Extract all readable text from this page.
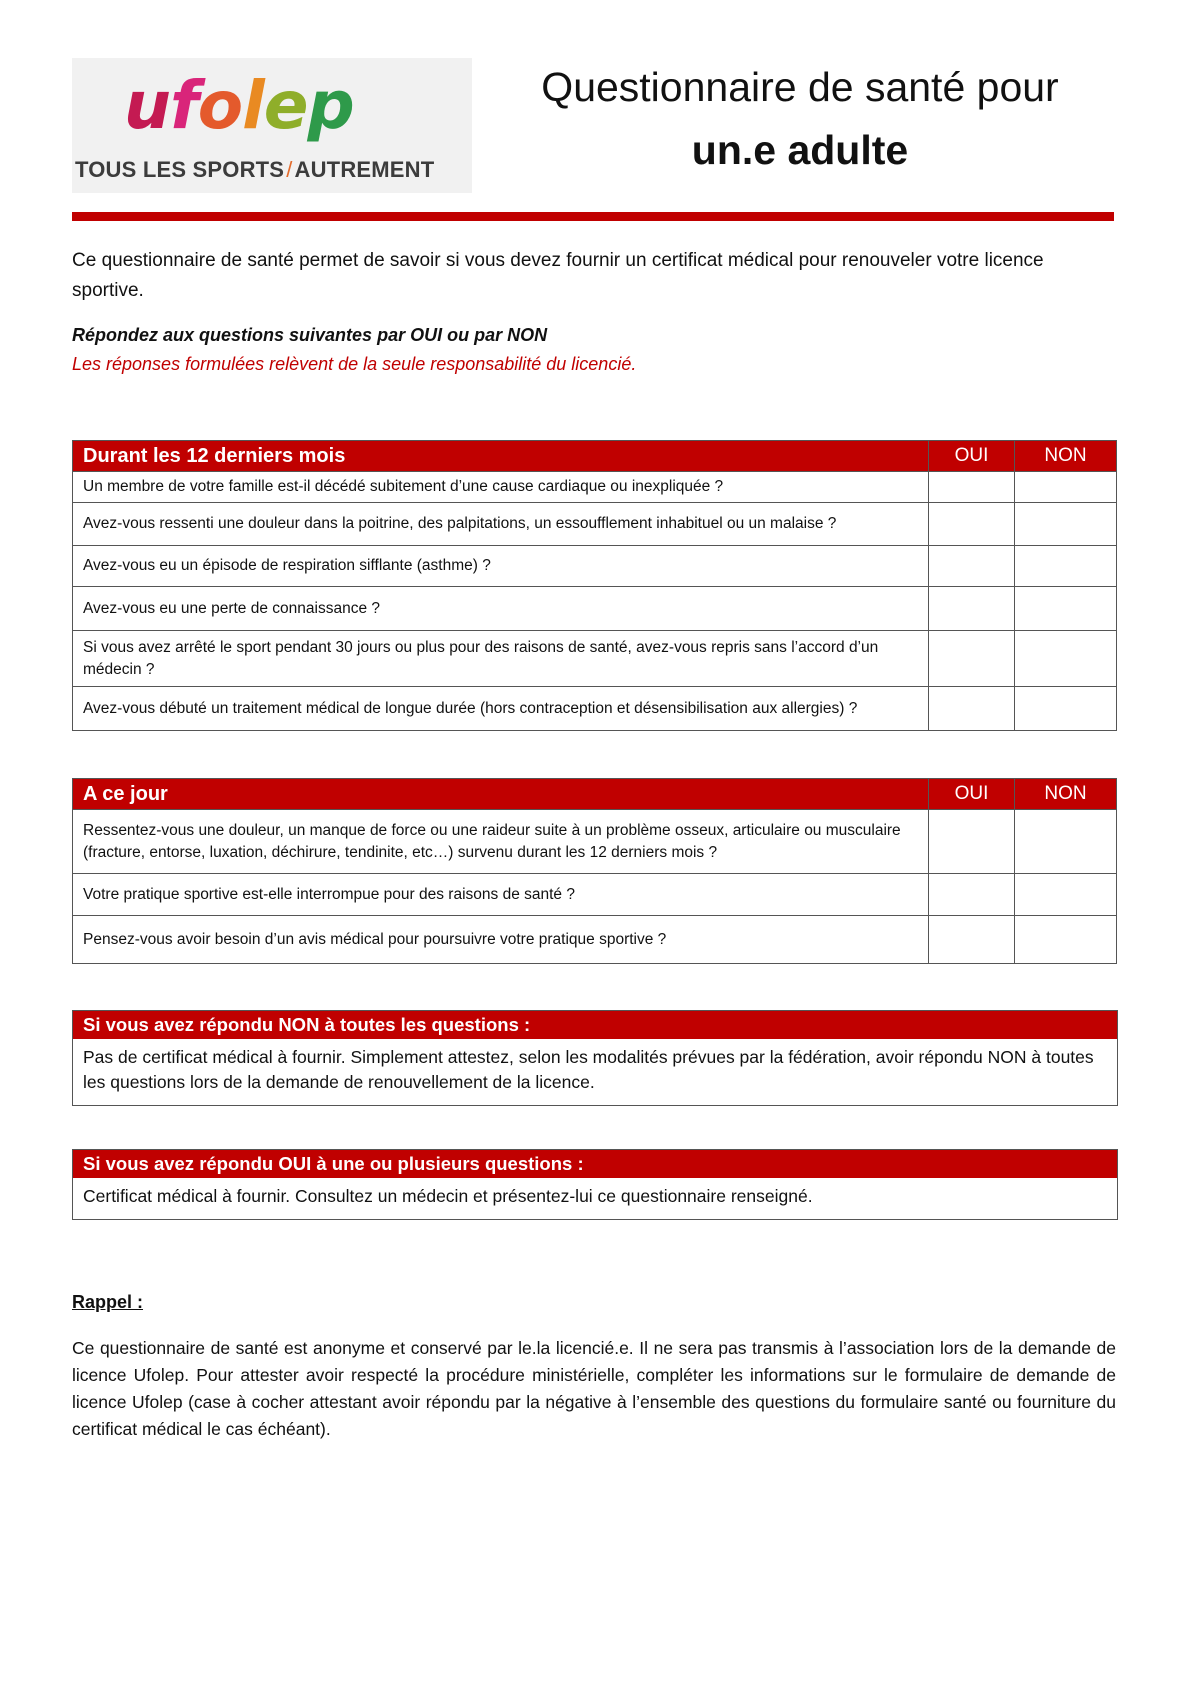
ufolep
TOUS LES SPORTS/AUTREMENT
Questionnaire de santé pour
un.e adulte
Ce questionnaire de santé permet de savoir si vous devez fournir un certificat médical pour renouveler votre licence sportive.
Répondez aux questions suivantes par OUI ou par NON
Les réponses formulées relèvent de la seule responsabilité du licencié.
Durant les 12 derniers mois	OUI	NON
Un membre de votre famille est-il décédé subitement d’une cause cardiaque ou inexpliquée ?		
Avez-vous ressenti une douleur dans la poitrine, des palpitations, un essoufflement inhabituel ou un malaise ?		
Avez-vous eu un épisode de respiration sifflante (asthme) ?		
Avez-vous eu une perte de connaissance ?		
Si vous avez arrêté le sport pendant 30 jours ou plus pour des raisons de santé, avez-vous repris sans l’accord d’un médecin ?		
Avez-vous débuté un traitement médical de longue durée (hors contraception et désensibilisation aux allergies) ?		
A ce jour	OUI	NON
Ressentez-vous une douleur, un manque de force ou une raideur suite à un problème osseux, articulaire ou musculaire (fracture, entorse, luxation, déchirure, tendinite, etc…) survenu durant les 12 derniers mois ?		
Votre pratique sportive est-elle interrompue pour des raisons de santé ?		
Pensez-vous avoir besoin d’un avis médical pour poursuivre votre pratique sportive ?		
Si vous avez répondu NON à toutes les questions :
Pas de certificat médical à fournir. Simplement attestez, selon les modalités prévues par la fédération, avoir répondu NON à toutes les questions lors de la demande de renouvellement de la licence.
Si vous avez répondu OUI à une ou plusieurs questions :
Certificat médical à fournir. Consultez un médecin et présentez-lui ce questionnaire renseigné.
Rappel :
Ce questionnaire de santé est anonyme et conservé par le.la licencié.e. Il ne sera pas transmis à l’association lors de la demande de licence Ufolep. Pour attester avoir respecté la procédure ministérielle, compléter les informations sur le formulaire de demande de licence Ufolep (case à cocher attestant avoir répondu par la négative à l’ensemble des questions du formulaire santé ou fourniture du certificat médical le cas échéant).
